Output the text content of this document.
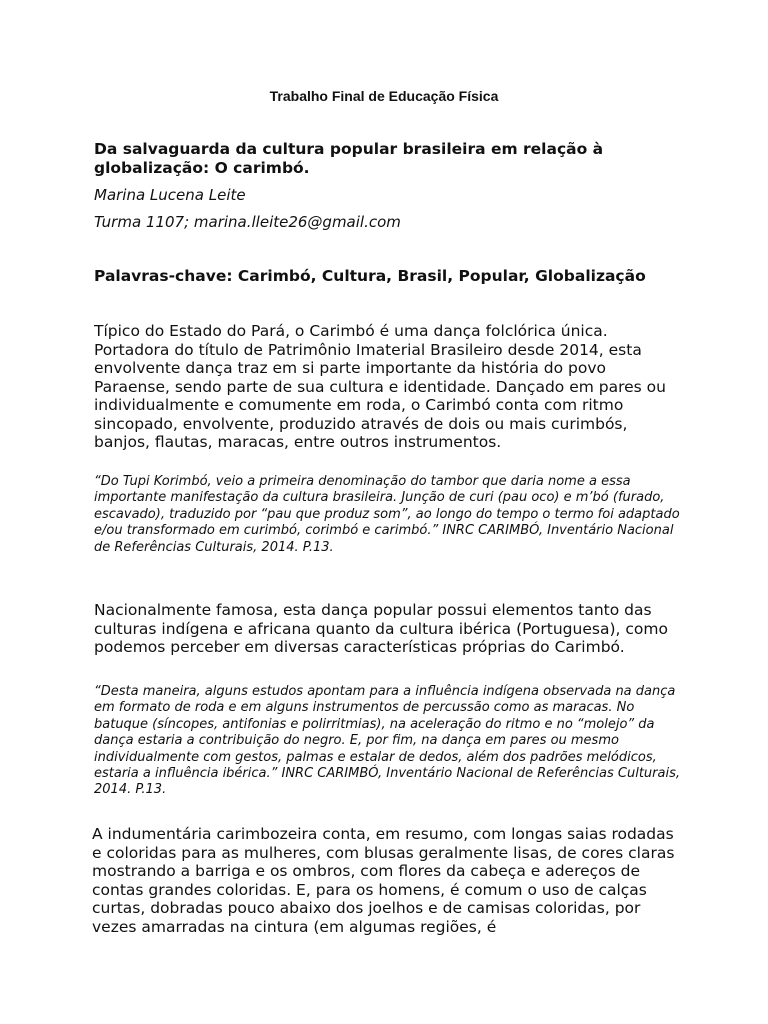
Trabalho Final de Educação Física
Da salvaguarda da cultura popular brasileira em relação à globalização: O carimbó.
Marina Lucena Leite
Turma 1107; marina.lleite26@gmail.com
Palavras-chave: Carimbó, Cultura, Brasil, Popular, Globalização

Típico do Estado do Pará, o Carimbó é uma dança folclórica única. Portadora do título de Patrimônio Imaterial Brasileiro desde 2014, esta envolvente dança traz em si parte importante da história do povo Paraense, sendo parte de sua cultura e identidade. Dançado em pares ou individualmente e comumente em roda, o Carimbó conta com ritmo sincopado, envolvente, produzido através de dois ou mais curimbós, banjos, flautas, maracas, entre outros instrumentos.

“Do Tupi Korimbó, veio a primeira denominação do tambor que daria nome a essa importante manifestação da cultura brasileira. Junção de curi (pau oco) e m’bó (furado, escavado), traduzido por “pau que produz som”, ao longo do tempo o termo foi adaptado e/ou transformado em curimbó, corimbó e carimbó.” INRC CARIMBÓ, Inventário Nacional de Referências Culturais, 2014. P.13.

Nacionalmente famosa, esta dança popular possui elementos tanto das culturas indígena e africana quanto da cultura ibérica (Portuguesa), como podemos perceber em diversas características próprias do Carimbó.

“Desta maneira, alguns estudos apontam para a influência indígena observada na dança em formato de roda e em alguns instrumentos de percussão como as maracas. No batuque (síncopes, antifonias e polirritmias), na aceleração do ritmo e no “molejo” da dança estaria a contribuição do negro. E, por fim, na dança em pares ou mesmo individualmente com gestos, palmas e estalar de dedos, além dos padrões melódicos, estaria a influência ibérica.” INRC CARIMBÓ, Inventário Nacional de Referências Culturais, 2014. P.13.

A indumentária carimbozeira conta, em resumo, com longas saias rodadas e coloridas para as mulheres, com blusas geralmente lisas, de cores claras mostrando a barriga e os ombros, com flores da cabeça e adereços de contas grandes coloridas. E, para os homens, é comum o uso de calças curtas, dobradas pouco abaixo dos joelhos e de camisas coloridas, por vezes amarradas na cintura (em algumas regiões, é
